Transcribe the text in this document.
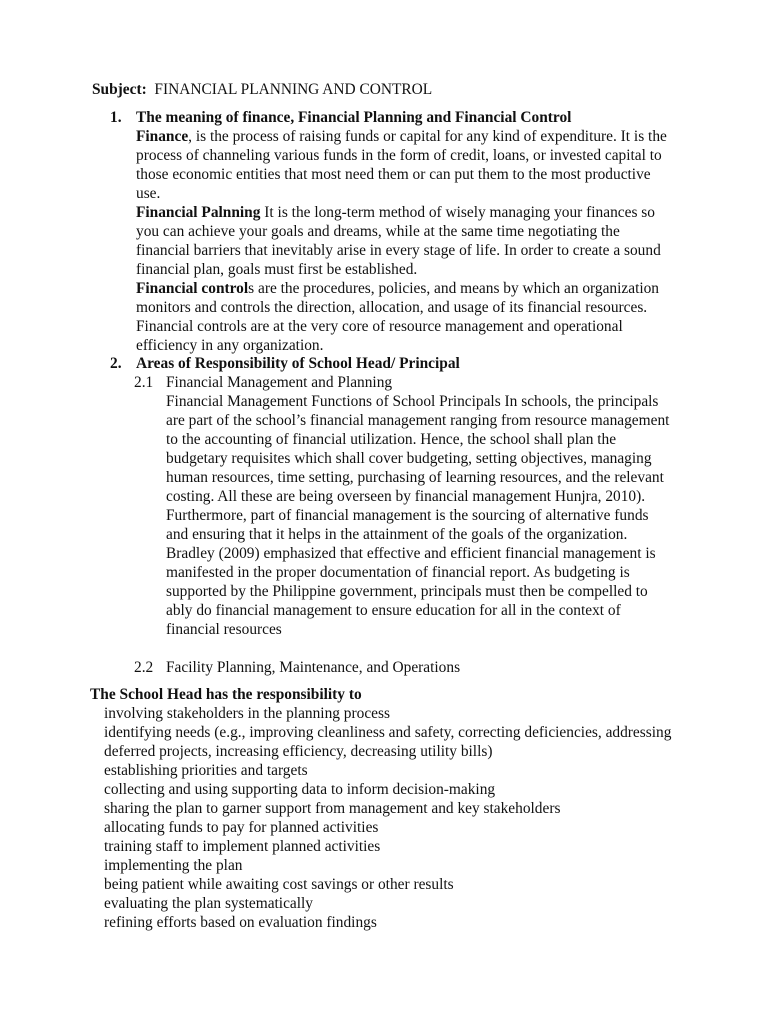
Subject: FINANCIAL PLANNING AND CONTROL
1. The meaning of finance, Financial Planning and Financial Control

Finance, is the process of raising funds or capital for any kind of expenditure. It is the process of channeling various funds in the form of credit, loans, or invested capital to those economic entities that most need them or can put them to the most productive use.

Financial Palnning It is the long-term method of wisely managing your finances so you can achieve your goals and dreams, while at the same time negotiating the financial barriers that inevitably arise in every stage of life. In order to create a sound financial plan, goals must first be established.

Financial controls are the procedures, policies, and means by which an organization monitors and controls the direction, allocation, and usage of its financial resources. Financial controls are at the very core of resource management and operational efficiency in any organization.

2. Areas of Responsibility of School Head/ Principal
2.1 Financial Management and Planning

Financial Management Functions of School Principals In schools, the principals are part of the school’s financial management ranging from resource management to the accounting of financial utilization. Hence, the school shall plan the budgetary requisites which shall cover budgeting, setting objectives, managing human resources, time setting, purchasing of learning resources, and the relevant costing. All these are being overseen by financial management Hunjra, 2010). Furthermore, part of financial management is the sourcing of alternative funds and ensuring that it helps in the attainment of the goals of the organization. Bradley (2009) emphasized that effective and efficient financial management is manifested in the proper documentation of financial report. As budgeting is supported by the Philippine government, principals must then be compelled to ably do financial management to ensure education for all in the context of financial resources

2.2 Facility Planning, Maintenance, and Operations
The School Head has the responsibility to
involving stakeholders in the planning process
identifying needs (e.g., improving cleanliness and safety, correcting deficiencies, addressing deferred projects, increasing efficiency, decreasing utility bills)
establishing priorities and targets
collecting and using supporting data to inform decision-making
sharing the plan to garner support from management and key stakeholders
allocating funds to pay for planned activities
training staff to implement planned activities
implementing the plan
being patient while awaiting cost savings or other results
evaluating the plan systematically
refining efforts based on evaluation findings
